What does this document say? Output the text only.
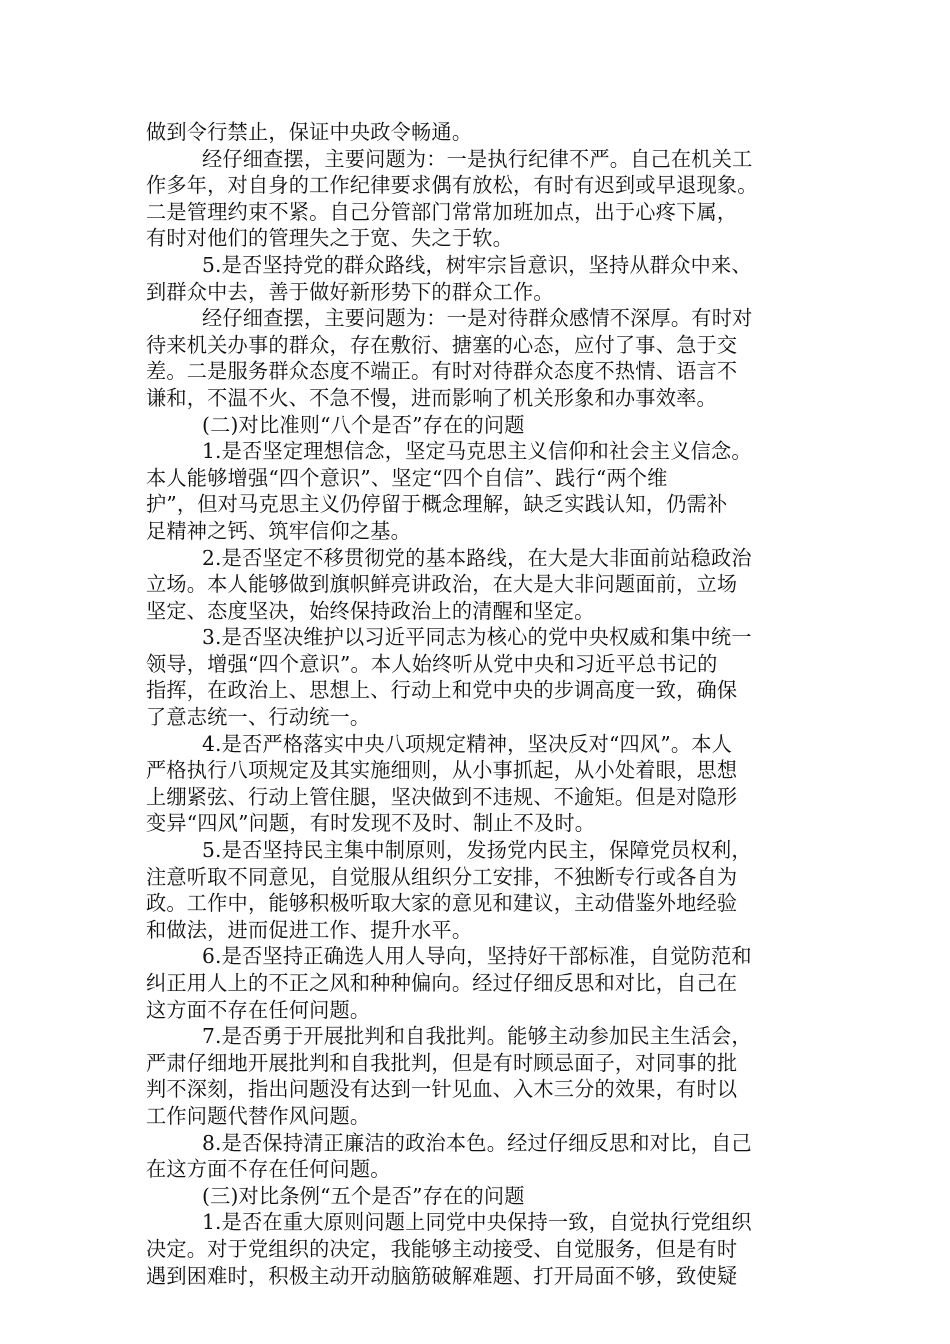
做到令行禁止，保证中央政令畅通。
经仔细查摆，主要问题为：一是执行纪律不严。自己在机关工
作多年，对自身的工作纪律要求偶有放松，有时有迟到或早退现象。
二是管理约束不紧。自己分管部门常常加班加点，出于心疼下属，
有时对他们的管理失之于宽、失之于软。
5.是否坚持党的群众路线，树牢宗旨意识，坚持从群众中来、
到群众中去，善于做好新形势下的群众工作。
经仔细查摆，主要问题为：一是对待群众感情不深厚。有时对
待来机关办事的群众，存在敷衍、搪塞的心态，应付了事、急于交
差。二是服务群众态度不端正。有时对待群众态度不热情、语言不
谦和，不温不火、不急不慢，进而影响了机关形象和办事效率。
(二)对比准则“八个是否”存在的问题
1.是否坚定理想信念，坚定马克思主义信仰和社会主义信念。
本人能够增强“四个意识”、坚定“四个自信”、践行“两个维
护”，但对马克思主义仍停留于概念理解，缺乏实践认知，仍需补
足精神之钙、筑牢信仰之基。
2.是否坚定不移贯彻党的基本路线，在大是大非面前站稳政治
立场。本人能够做到旗帜鲜亮讲政治，在大是大非问题面前，立场
坚定、态度坚决，始终保持政治上的清醒和坚定。
3.是否坚决维护以习近平同志为核心的党中央权威和集中统一
领导，增强“四个意识”。本人始终听从党中央和习近平总书记的
指挥，在政治上、思想上、行动上和党中央的步调高度一致，确保
了意志统一、行动统一。
4.是否严格落实中央八项规定精神，坚决反对“四风”。本人
严格执行八项规定及其实施细则，从小事抓起，从小处着眼，思想
上绷紧弦、行动上管住腿，坚决做到不违规、不逾矩。但是对隐形
变异“四风”问题，有时发现不及时、制止不及时。
5.是否坚持民主集中制原则，发扬党内民主，保障党员权利，
注意听取不同意见，自觉服从组织分工安排，不独断专行或各自为
政。工作中，能够积极听取大家的意见和建议，主动借鉴外地经验
和做法，进而促进工作、提升水平。
6.是否坚持正确选人用人导向，坚持好干部标准，自觉防范和
纠正用人上的不正之风和种种偏向。经过仔细反思和对比，自己在
这方面不存在任何问题。
7.是否勇于开展批判和自我批判。能够主动参加民主生活会，
严肃仔细地开展批判和自我批判，但是有时顾忌面子，对同事的批
判不深刻，指出问题没有达到一针见血、入木三分的效果，有时以
工作问题代替作风问题。
8.是否保持清正廉洁的政治本色。经过仔细反思和对比，自己
在这方面不存在任何问题。
(三)对比条例“五个是否”存在的问题
1.是否在重大原则问题上同党中央保持一致，自觉执行党组织
决定。对于党组织的决定，我能够主动接受、自觉服务，但是有时
遇到困难时，积极主动开动脑筋破解难题、打开局面不够，致使疑
